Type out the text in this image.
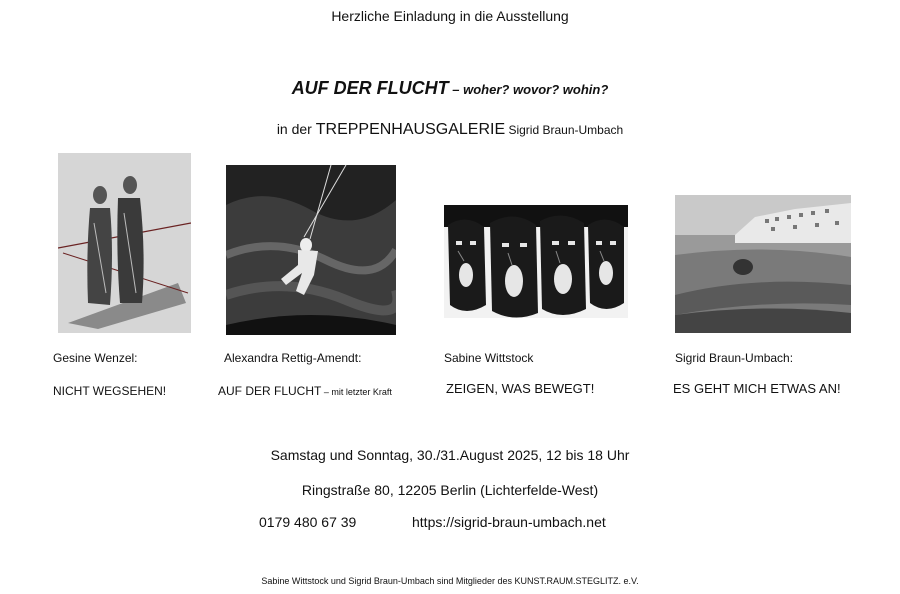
Herzliche Einladung in die Ausstellung
AUF DER FLUCHT – woher? wovor? wohin?
in der TREPPENHAUSGALERIE Sigrid Braun-Umbach
Gesine Wenzel:	Alexandra Rettig-Amendt:	Sabine Wittstock	Sigrid Braun-Umbach:
NICHT WEGSEHEN!	AUF DER FLUCHT – mit letzter Kraft	ZEIGEN, WAS BEWEGT!	ES GEHT MICH ETWAS AN!
Samstag und Sonntag, 30./31.August 2025, 12 bis 18 Uhr
Ringstraße 80, 12205 Berlin (Lichterfelde-West)
0179 480 67 39	https://sigrid-braun-umbach.net
Sabine Wittstock und Sigrid Braun-Umbach sind Mitglieder des KUNST.RAUM.STEGLITZ. e.V.
